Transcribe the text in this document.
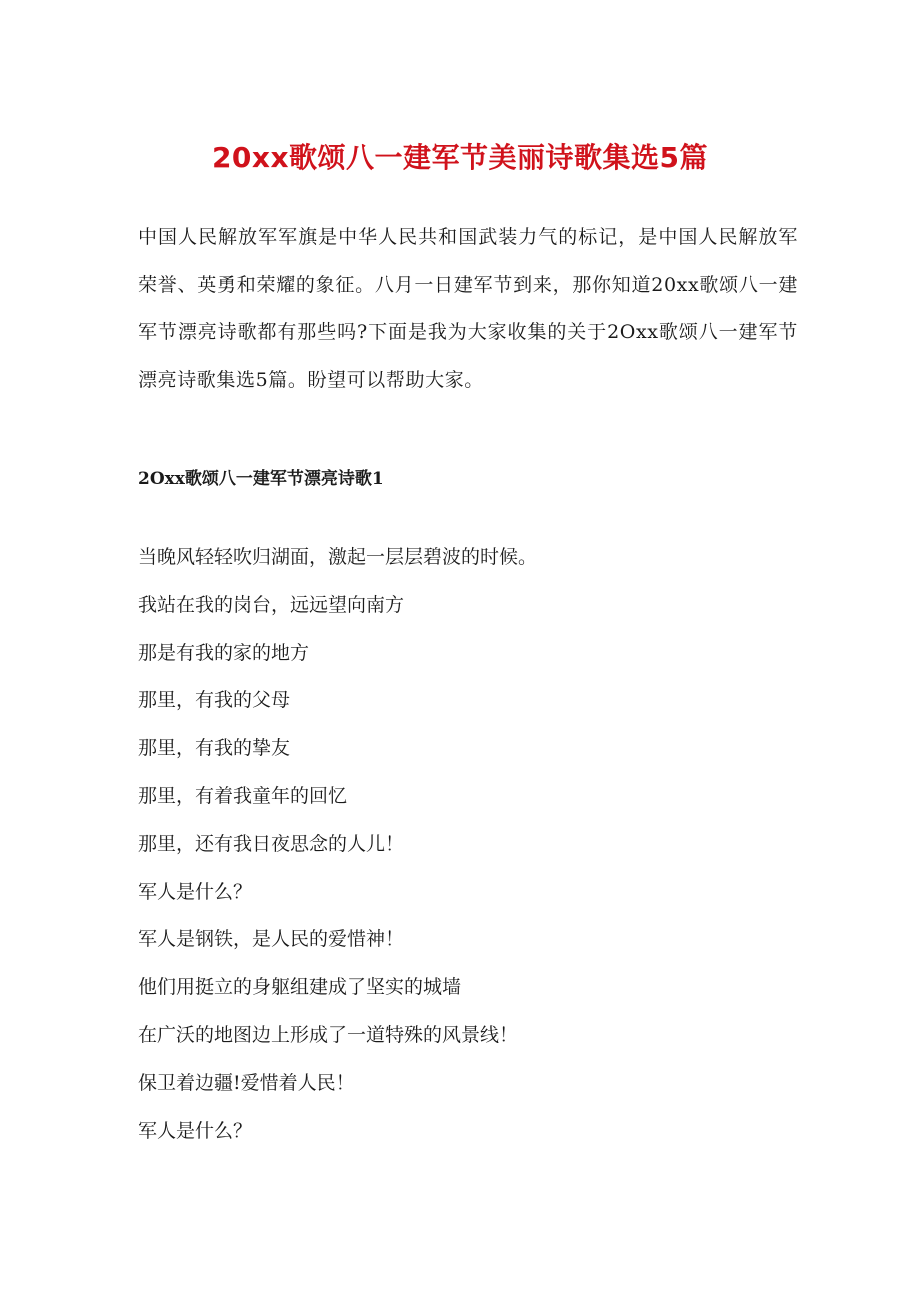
20xx歌颂八一建军节美丽诗歌集选5篇

中国人民解放军军旗是中华人民共和国武装力气的标记，是中国人民解放军荣誉、英勇和荣耀的象征。八月一日建军节到来，那你知道20xx歌颂八一建军节漂亮诗歌都有那些吗?下面是我为大家收集的关于2Oxx歌颂八一建军节漂亮诗歌集选5篇。盼望可以帮助大家。

2Oxx歌颂八一建军节漂亮诗歌1
当晚风轻轻吹归湖面，激起一层层碧波的时候。
我站在我的岗台，远远望向南方
那是有我的家的地方
那里，有我的父母
那里，有我的挚友
那里，有着我童年的回忆
那里，还有我日夜思念的人儿！
军人是什么？
军人是钢铁，是人民的爱惜神！
他们用挺立的身躯组建成了坚实的城墙
在广沃的地图边上形成了一道特殊的风景线！
保卫着边疆!爱惜着人民！
军人是什么？
